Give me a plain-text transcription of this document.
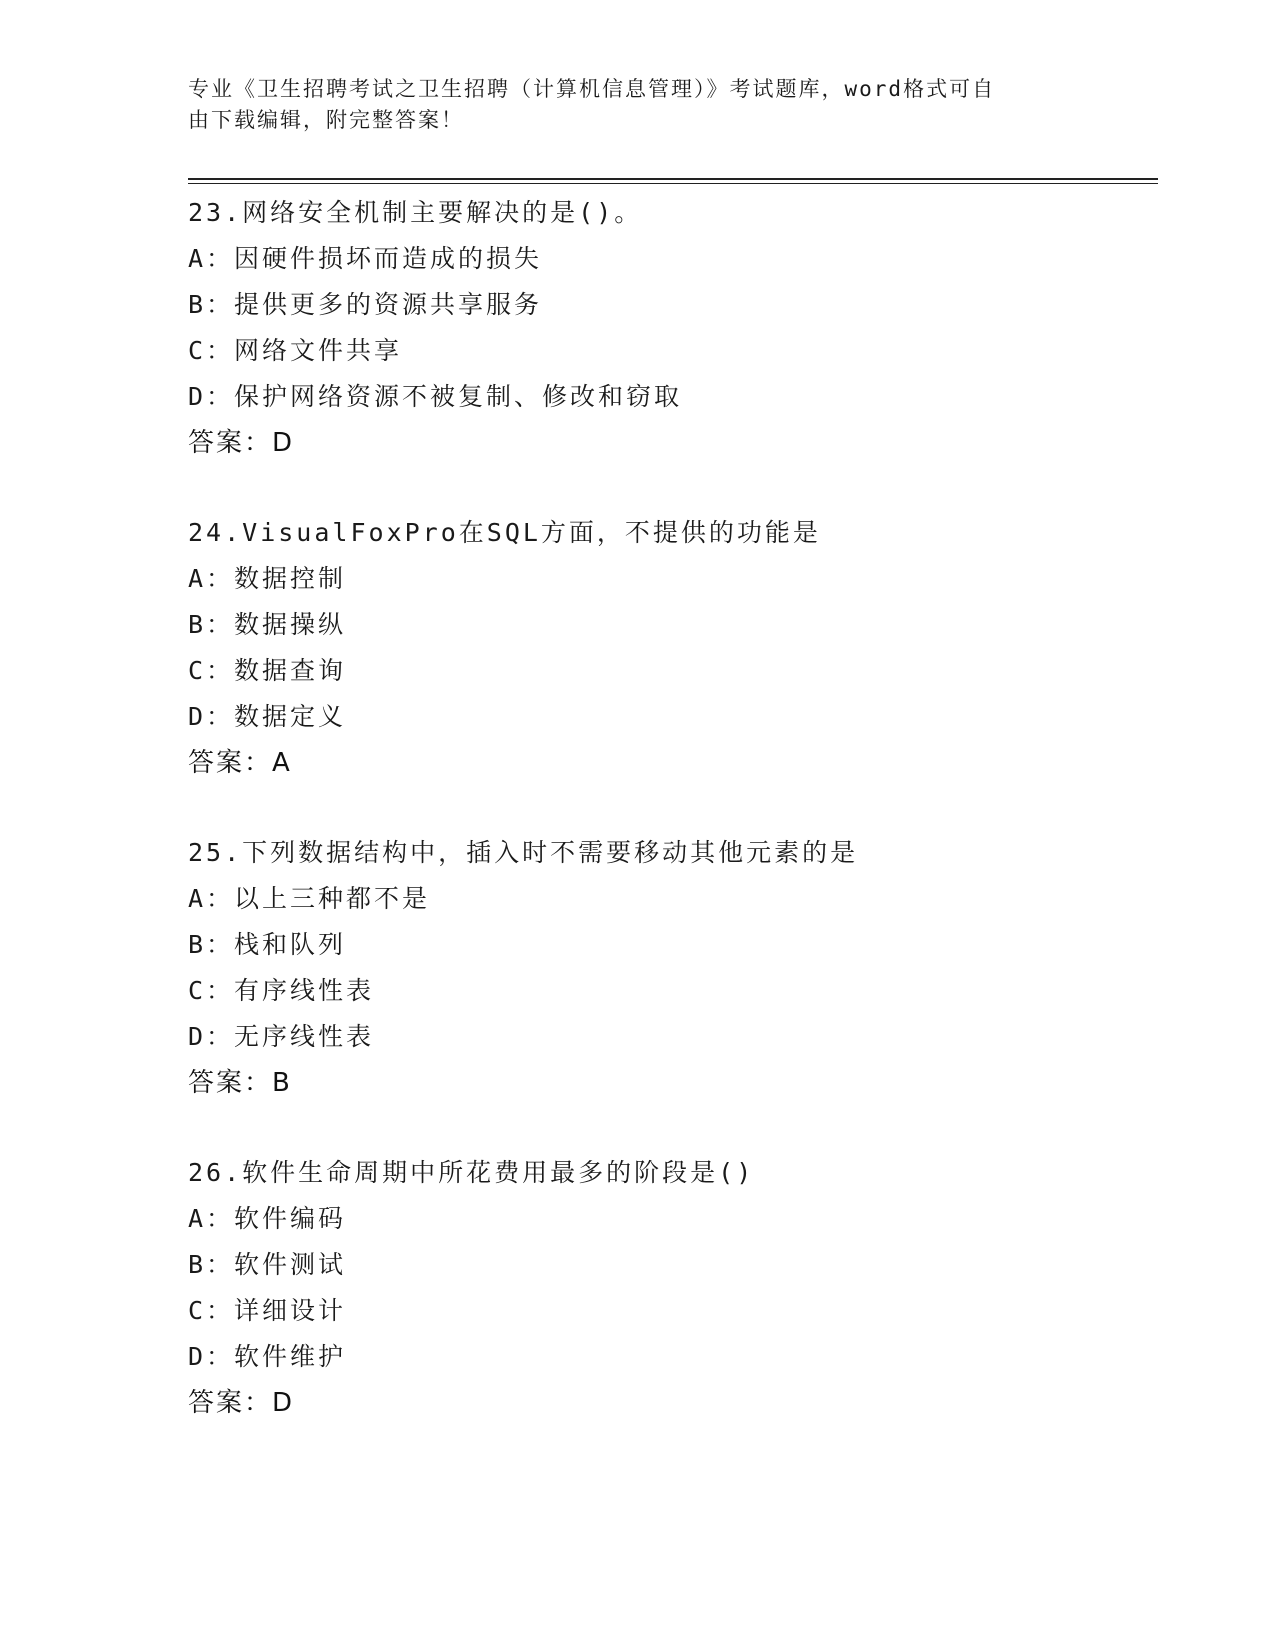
专业《卫生招聘考试之卫生招聘（计算机信息管理）》考试题库，word格式可自
由下载编辑，附完整答案！
23.网络安全机制主要解决的是()。
A：因硬件损坏而造成的损失
B：提供更多的资源共享服务
C：网络文件共享
D：保护网络资源不被复制、修改和窃取
答案：D
24.VisualFoxPro在SQL方面，不提供的功能是
A：数据控制
B：数据操纵
C：数据查询
D：数据定义
答案：A
25.下列数据结构中，插入时不需要移动其他元素的是
A：以上三种都不是
B：栈和队列
C：有序线性表
D：无序线性表
答案：B
26.软件生命周期中所花费用最多的阶段是()
A：软件编码
B：软件测试
C：详细设计
D：软件维护
答案：D
